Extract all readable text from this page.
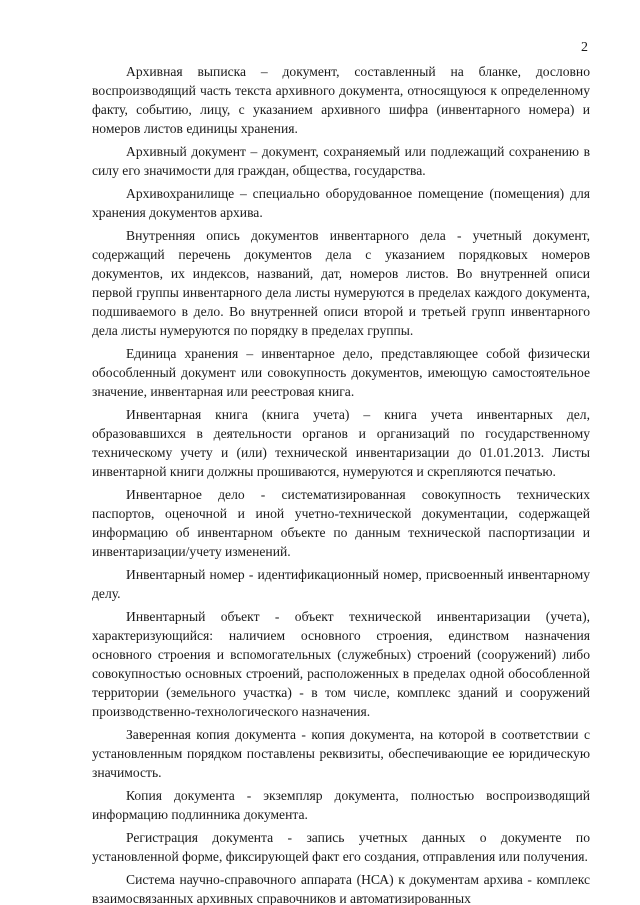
2

Архивная выписка – документ, составленный на бланке, дословно воспроизводящий часть текста архивного документа, относящуюся к определенному факту, событию, лицу, с указанием архивного шифра (инвентарного номера) и номеров листов единицы хранения.

Архивный документ – документ, сохраняемый или подлежащий сохранению в силу его значимости для граждан, общества, государства.

Архивохранилище – специально оборудованное помещение (помещения) для хранения документов архива.

Внутренняя опись документов инвентарного дела - учетный документ, содержащий перечень документов дела с указанием порядковых номеров документов, их индексов, названий, дат, номеров листов. Во внутренней описи первой группы инвентарного дела листы нумеруются в пределах каждого документа, подшиваемого в дело. Во внутренней описи второй и третьей групп инвентарного дела листы нумеруются по порядку в пределах группы.

Единица хранения – инвентарное дело, представляющее собой физически обособленный документ или совокупность документов, имеющую самостоятельное значение, инвентарная или реестровая книга.

Инвентарная книга (книга учета) – книга учета инвентарных дел, образовавшихся в деятельности органов и организаций по государственному техническому учету и (или) технической инвентаризации до 01.01.2013. Листы инвентарной книги должны прошиваются, нумеруются и скрепляются печатью.

Инвентарное дело - систематизированная совокупность технических паспортов, оценочной и иной учетно-технической документации, содержащей информацию об инвентарном объекте по данным технической паспортизации и инвентаризации/учету изменений.

Инвентарный номер - идентификационный номер, присвоенный инвентарному делу.

Инвентарный объект - объект технической инвентаризации (учета), характеризующийся: наличием основного строения, единством назначения основного строения и вспомогательных (служебных) строений (сооружений) либо совокупностью основных строений, расположенных в пределах одной обособленной территории (земельного участка) - в том числе, комплекс зданий и сооружений производственно-технологического назначения.

Заверенная копия документа - копия документа, на которой в соответствии с установленным порядком поставлены реквизиты, обеспечивающие ее юридическую значимость.

Копия документа - экземпляр документа, полностью воспроизводящий информацию подлинника документа.

Регистрация документа - запись учетных данных о документе по установленной форме, фиксирующей факт его создания, отправления или получения.

Система научно-справочного аппарата (НСА) к документам архива - комплекс взаимосвязанных архивных справочников и автоматизированных
